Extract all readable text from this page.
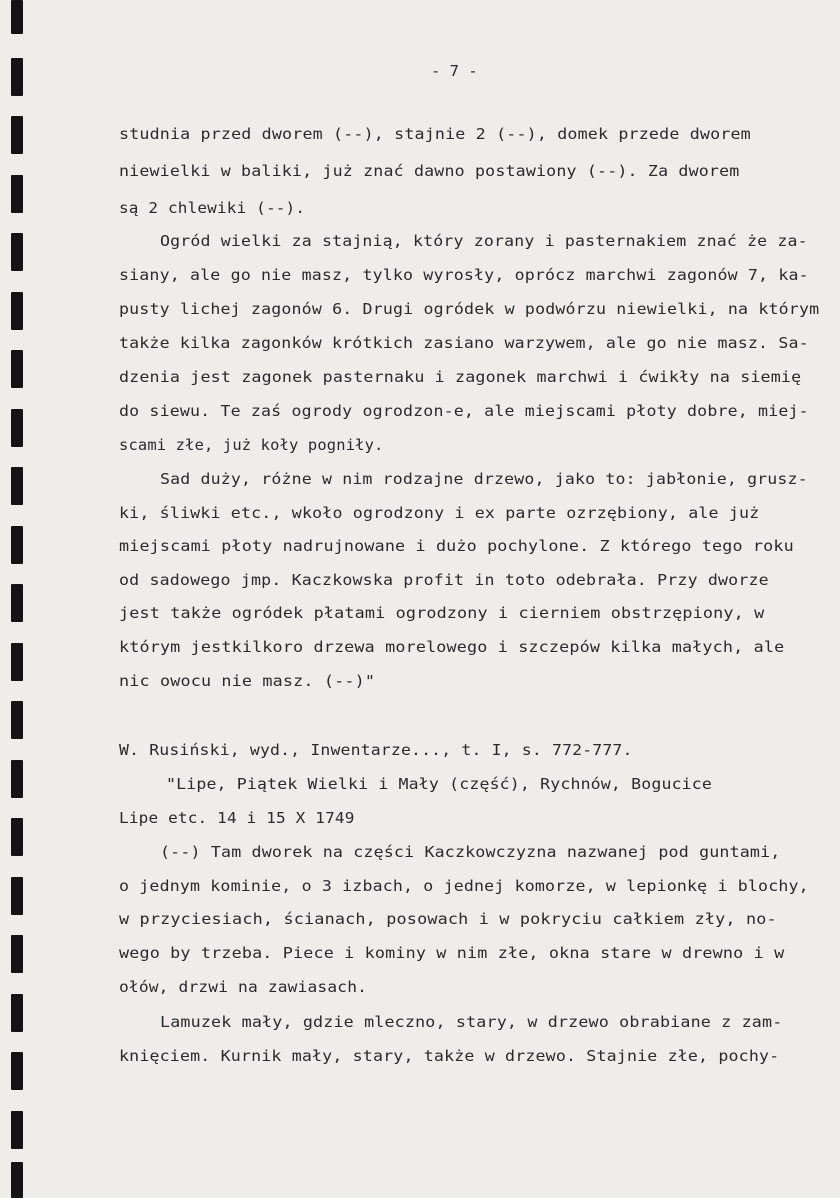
- 7 -
studnia przed dworem (--), stajnie 2 (--), domek przede dworem
niewielki w baliki, już znać dawno postawiony (--). Za dworem
są 2 chlewiki (--).
Ogród wielki za stajnią, który zorany i pasternakiem znać że za-
siany, ale go nie masz, tylko wyrosły, oprócz marchwi zagonów 7, ka-
pusty lichej zagonów 6. Drugi ogródek w podwórzu niewielki, na którym
także kilka zagonków krótkich zasiano warzywem, ale go nie masz. Sa-
dzenia jest zagonek pasternaku i zagonek marchwi i ćwikły na siemię
do siewu. Te zaś ogrody ogrodzon-e, ale miejscami płoty dobre, miej-
scami złe, już koły pogniły.
Sad duży, różne w nim rodzajne drzewo, jako to: jabłonie, grusz-
ki, śliwki etc., wkoło ogrodzony i ex parte ozrzębiony, ale już
miejscami płoty nadrujnowane i dużo pochylone. Z którego tego roku
od sadowego jmp. Kaczkowska profit in toto odebrała. Przy dworze
jest także ogródek płatami ogrodzony i cierniem obstrzępiony, w
którym jestkilkoro drzewa morelowego i szczepów kilka małych, ale
nic owocu nie masz. (--)"
W. Rusiński, wyd., Inwentarze..., t. I, s. 772-777.
"Lipe, Piątek Wielki i Mały (część), Rychnów, Bogucice
Lipe etc. 14 i 15 X 1749
(--) Tam dworek na części Kaczkowczyzna nazwanej pod guntami,
o jednym kominie, o 3 izbach, o jednej komorze, w lepionkę i blochy,
w przyciesiach, ścianach, posowach i w pokryciu całkiem zły, no-
wego by trzeba. Piece i kominy w nim złe, okna stare w drewno i w
ołów, drzwi na zawiasach.
Lamuzek mały, gdzie mleczno, stary, w drzewo obrabiane z zam-
knięciem. Kurnik mały, stary, także w drzewo. Stajnie złe, pochy-
